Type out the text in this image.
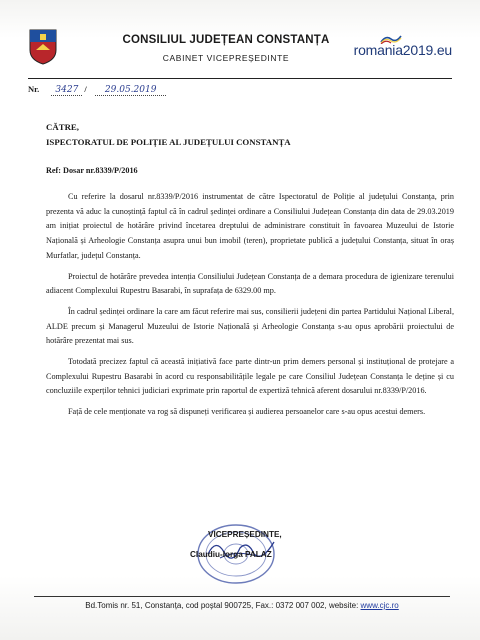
CONSILIUL JUDEȚEAN CONSTANȚA
CABINET VICEPREȘEDINTE	romania2019.eu
Nr. 3427 / 29.05.2019
CĂTRE,
ISPECTORATUL DE POLIȚIE AL JUDEȚULUI CONSTANȚA
Ref: Dosar nr.8339/P/2016

Cu referire la dosarul nr.8339/P/2016 instrumentat de către Ispectoratul de Poliție al județului Constanța, prin prezenta vă aduc la cunoștință faptul că în cadrul ședinței ordinare a Consiliului Județean Constanța din data de 29.03.2019 am inițiat proiectul de hotărâre privind încetarea dreptului de administrare constituit în favoarea Muzeului de Istorie Națională și Arheologie Constanța asupra unui bun imobil (teren), proprietate publică a județului Constanța, situat în oraș Murfatlar, județul Constanța.

Proiectul de hotărâre prevedea intenția Consiliului Județean Constanța de a demara procedura de igienizare terenului adiacent Complexului Rupestru Basarabi, în suprafața de 6329.00 mp.

În cadrul ședinței ordinare la care am făcut referire mai sus, consilierii județeni din partea Partidului Național Liberal, ALDE precum și Managerul Muzeului de Istorie Națională și Arheologie Constanța s-au opus aprobării proiectului de hotărâre prezentat mai sus.

Totodată precizez faptul că această inițiativă face parte dintr-un prim demers personal și instituțional de protejare a Complexului Rupestru Basarabi în acord cu responsabilitățile legale pe care Consiliul Județean Constanța le deține și cu concluziile experților tehnici judiciari exprimate prin raportul de expertiză tehnică aferent dosarului nr.8339/P/2016.

Față de cele menționate va rog să dispuneți verificarea și audierea persoanelor care s-au opus acestui demers.

VICEPREȘEDINTE,
Claudiu-Iorga PALAZ
Bd.Tomis nr. 51, Constanța, cod poștal 900725, Fax.: 0372 007 002, website: www.cjc.ro
